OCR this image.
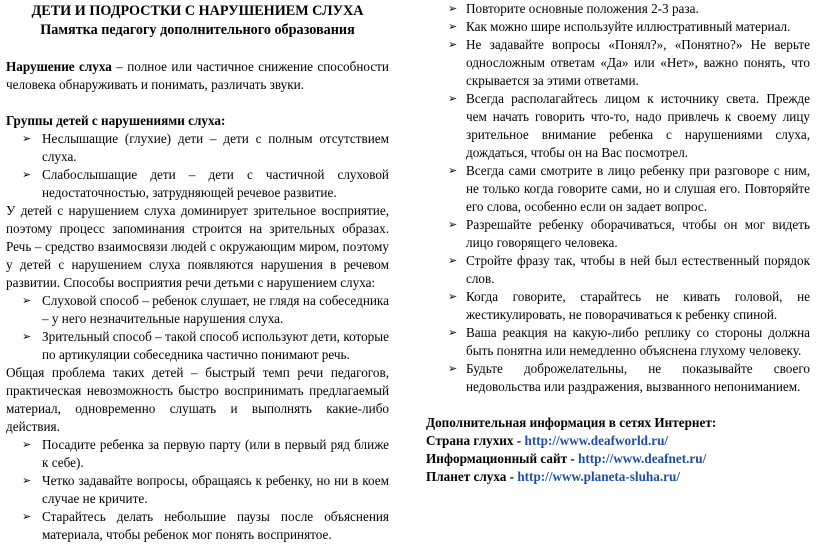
ДЕТИ И ПОДРОСТКИ С НАРУШЕНИЕМ СЛУХА
Памятка педагогу дополнительного образования

Нарушение слуха – полное или частичное снижение способности человека обнаруживать и понимать, различать звуки.

Группы детей с нарушениями слуха:

➢ Неслышащие (глухие) дети – дети с полным отсутствием слуха.
➢ Слабослышащие дети – дети с частичной слуховой недостаточностью, затрудняющей речевое развитие.

У детей с нарушением слуха доминирует зрительное восприятие, поэтому процесс запоминания строится на зрительных образах. Речь – средство взаимосвязи людей с окружающим миром, поэтому у детей с нарушением слуха появляются нарушения в речевом развитии. Способы восприятия речи детьми с нарушением слуха:

➢ Слуховой способ – ребенок слушает, не глядя на собеседника – у него незначительные нарушения слуха.
➢ Зрительный способ – такой способ используют дети, которые по артикуляции собеседника частично понимают речь.

Общая проблема таких детей – быстрый темп речи педагогов, практическая невозможность быстро воспринимать предлагаемый материал, одновременно слушать и выполнять какие-либо действия.

➢ Посадите ребенка за первую парту (или в первый ряд ближе к себе).
➢ Четко задавайте вопросы, обращаясь к ребенку, но ни в коем случае не кричите.
➢ Старайтесь делать небольшие паузы после объяснения материала, чтобы ребенок мог понять воспринятое.
➢ Повторите основные положения 2-3 раза.
➢ Как можно шире используйте иллюстративный материал.
➢ Не задавайте вопросы «Понял?», «Понятно?» Не верьте односложным ответам «Да» или «Нет», важно понять, что скрывается за этими ответами.
➢ Всегда располагайтесь лицом к источнику света. Прежде чем начать говорить что-то, надо привлечь к своему лицу зрительное внимание ребенка с нарушениями слуха, дождаться, чтобы он на Вас посмотрел.
➢ Всегда сами смотрите в лицо ребенку при разговоре с ним, не только когда говорите сами, но и слушая его. Повторяйте его слова, особенно если он задает вопрос.
➢ Разрешайте ребенку оборачиваться, чтобы он мог видеть лицо говорящего человека.
➢ Стройте фразу так, чтобы в ней был естественный порядок слов.
➢ Когда говорите, старайтесь не кивать головой, не жестикулировать, не поворачиваться к ребенку спиной.
➢ Ваша реакция на какую-либо реплику со стороны должна быть понятна или немедленно объяснена глухому человеку.
➢ Будьте доброжелательны, не показывайте своего недовольства или раздражения, вызванного непониманием.

Дополнительная информация в сетях Интернет:

Страна глухих - http://www.deafworld.ru/

Информационный сайт - http://www.deafnet.ru/

Планет слуха - http://www.planeta-sluha.ru/
